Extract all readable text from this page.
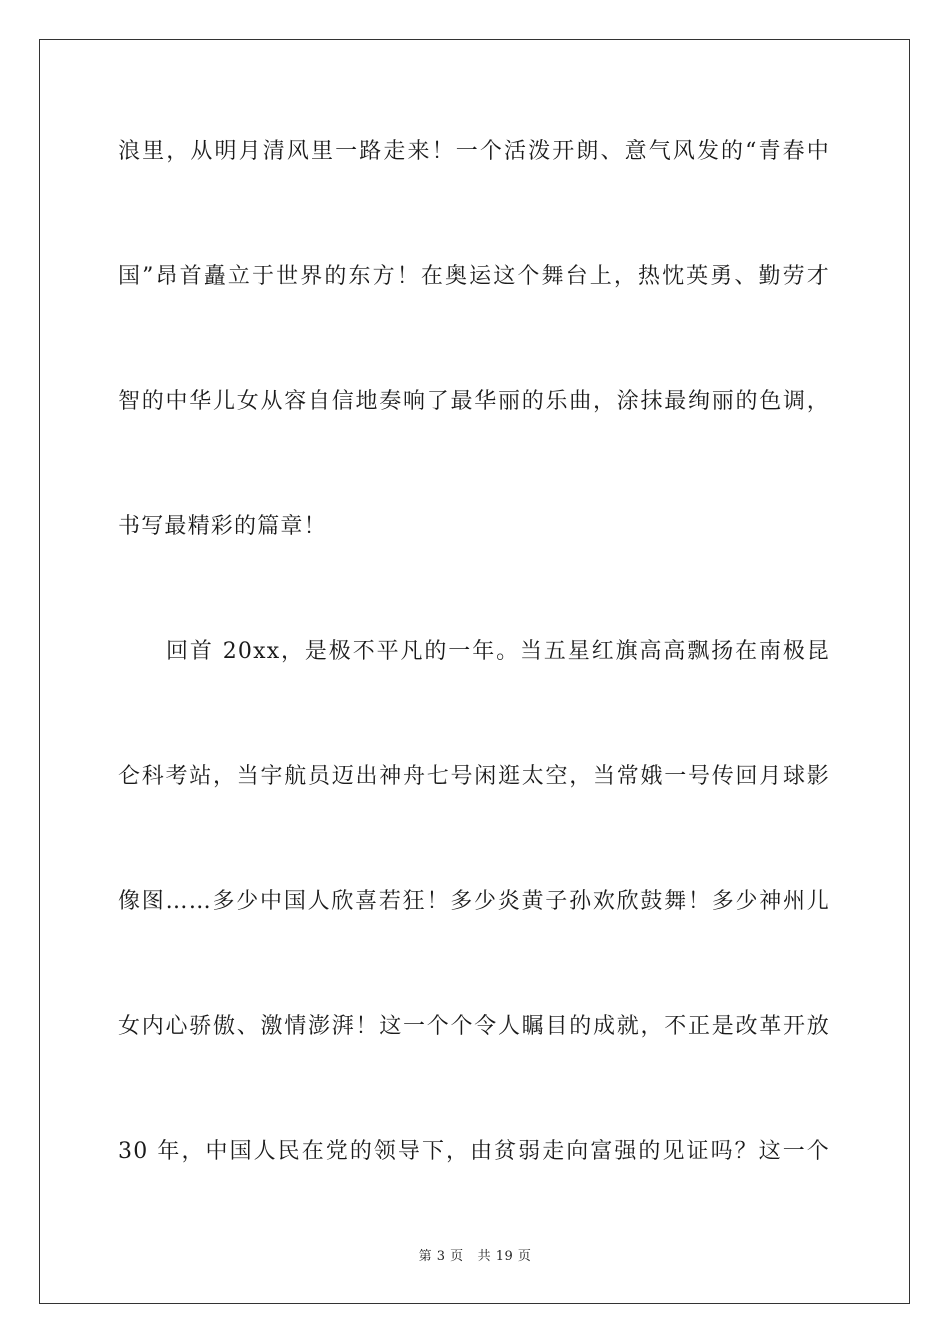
浪里，从明月清风里一路走来！一个活泼开朗、意气风发的“青春中
国”昂首矗立于世界的东方！在奥运这个舞台上，热忱英勇、勤劳才
智的中华儿女从容自信地奏响了最华丽的乐曲，涂抹最绚丽的色调，
书写最精彩的篇章！
回首 20xx，是极不平凡的一年。当五星红旗高高飘扬在南极昆
仑科考站，当宇航员迈出神舟七号闲逛太空，当常娥一号传回月球影
像图……多少中国人欣喜若狂！多少炎黄子孙欢欣鼓舞！多少神州儿
女内心骄傲、激情澎湃！这一个个令人瞩目的成就，不正是改革开放
30 年，中国人民在党的领导下，由贫弱走向富强的见证吗？这一个
第 3 页 共 19 页
